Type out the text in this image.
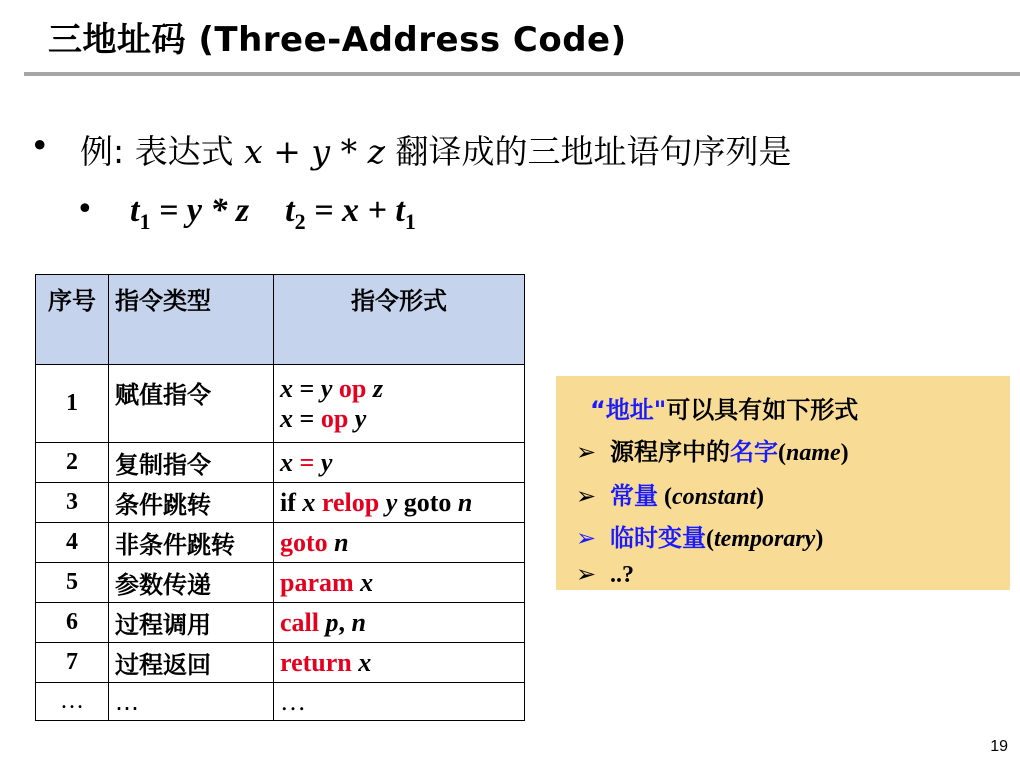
三地址码 (Three-Address Code)
• 例: 表达式 x + y * z 翻译成的三地址语句序列是
• $t_1 = y * z$ $t_2 = x + t_1$
序号	指令类型	指令形式
1	赋值指令	x = y op z
x = op y

2	复制指令	x = y
3	条件跳转	if x relop y goto n
4	非条件跳转	goto n
5	参数传递	param x
6	过程调用	call p, n
7	过程返回	return x
…	…	…
“地址"可以具有如下形式
➢ 源程序中的名字(name)
➢ 常量 (constant)
➢ 临时变量(temporary)
➢ ..?
19
